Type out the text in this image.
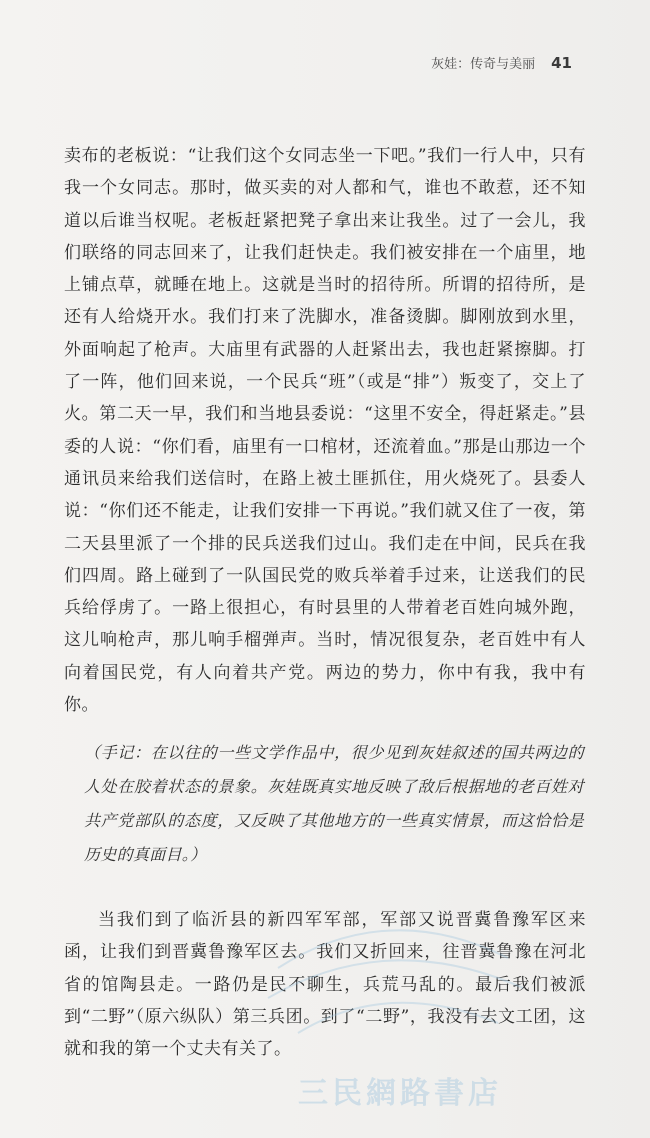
灰娃：传奇与美丽 41

卖布的老板说：“让我们这个女同志坐一下吧。”我们一行人中，只有我一个女同志。那时，做买卖的对人都和气，谁也不敢惹，还不知道以后谁当权呢。老板赶紧把凳子拿出来让我坐。过了一会儿，我们联络的同志回来了，让我们赶快走。我们被安排在一个庙里，地上铺点草，就睡在地上。这就是当时的招待所。所谓的招待所，是还有人给烧开水。我们打来了洗脚水，准备烫脚。脚刚放到水里，外面响起了枪声。大庙里有武器的人赶紧出去，我也赶紧擦脚。打了一阵，他们回来说，一个民兵“班”（或是“排”）叛变了，交上了火。第二天一早，我们和当地县委说：“这里不安全，得赶紧走。”县委的人说：“你们看，庙里有一口棺材，还流着血。”那是山那边一个通讯员来给我们送信时，在路上被土匪抓住，用火烧死了。县委人说：“你们还不能走，让我们安排一下再说。”我们就又住了一夜，第二天县里派了一个排的民兵送我们过山。我们走在中间，民兵在我们四周。路上碰到了一队国民党的败兵举着手过来，让送我们的民兵给俘虏了。一路上很担心，有时县里的人带着老百姓向城外跑，这儿响枪声，那儿响手榴弹声。当时，情况很复杂，老百姓中有人向着国民党，有人向着共产党。两边的势力，你中有我，我中有你。

（手记：在以往的一些文学作品中，很少见到灰娃叙述的国共两边的人处在胶着状态的景象。灰娃既真实地反映了敌后根据地的老百姓对共产党部队的态度，又反映了其他地方的一些真实情景，而这恰恰是历史的真面目。）

当我们到了临沂县的新四军军部，军部又说晋冀鲁豫军区来函，让我们到晋冀鲁豫军区去。我们又折回来，往晋冀鲁豫在河北省的馆陶县走。一路仍是民不聊生，兵荒马乱的。最后我们被派到“二野”（原六纵队）第三兵团。到了“二野”，我没有去文工团，这就和我的第一个丈夫有关了。

三民網路書店
